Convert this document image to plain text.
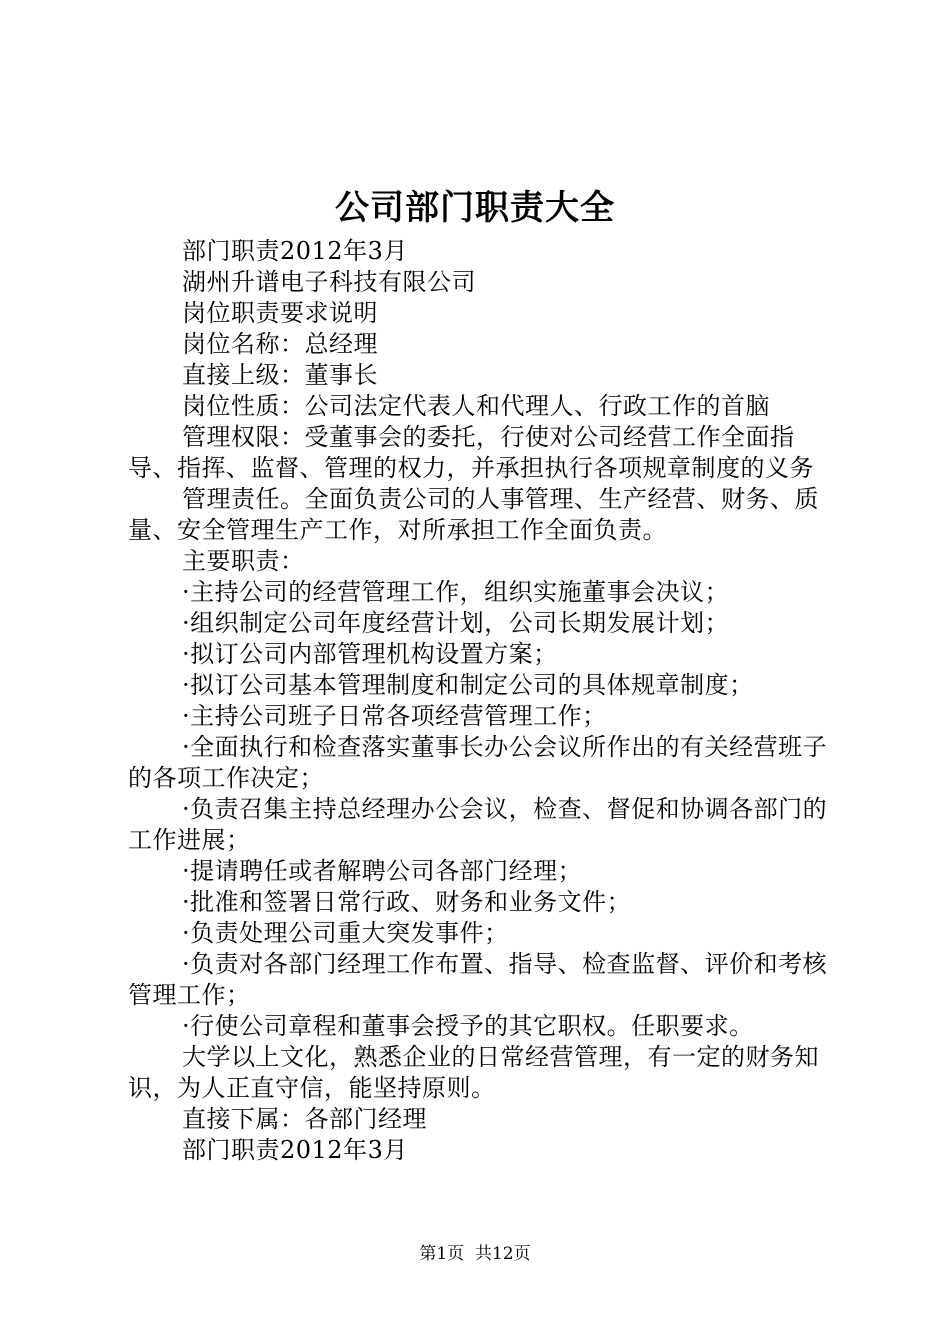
公司部门职责大全

部门职责2012年3月

湖州升谱电子科技有限公司

岗位职责要求说明

岗位名称：总经理

直接上级：董事长

岗位性质：公司法定代表人和代理人、行政工作的首脑

管理权限：受董事会的委托，行使对公司经营工作全面指导、指挥、监督、管理的权力，并承担执行各项规章制度的义务

管理责任。全面负责公司的人事管理、生产经营、财务、质量、安全管理生产工作，对所承担工作全面负责。

主要职责：

·主持公司的经营管理工作，组织实施董事会决议；

·组织制定公司年度经营计划，公司长期发展计划；

·拟订公司内部管理机构设置方案；

·拟订公司基本管理制度和制定公司的具体规章制度；

·主持公司班子日常各项经营管理工作；

·全面执行和检查落实董事长办公会议所作出的有关经营班子的各项工作决定；

·负责召集主持总经理办公会议，检查、督促和协调各部门的工作进展；

·提请聘任或者解聘公司各部门经理；

·批准和签署日常行政、财务和业务文件；

·负责处理公司重大突发事件；

·负责对各部门经理工作布置、指导、检查监督、评价和考核管理工作；

·行使公司章程和董事会授予的其它职权。任职要求。

大学以上文化，熟悉企业的日常经营管理，有一定的财务知识，为人正直守信，能坚持原则。

直接下属：各部门经理

部门职责2012年3月

第1页  共12页
